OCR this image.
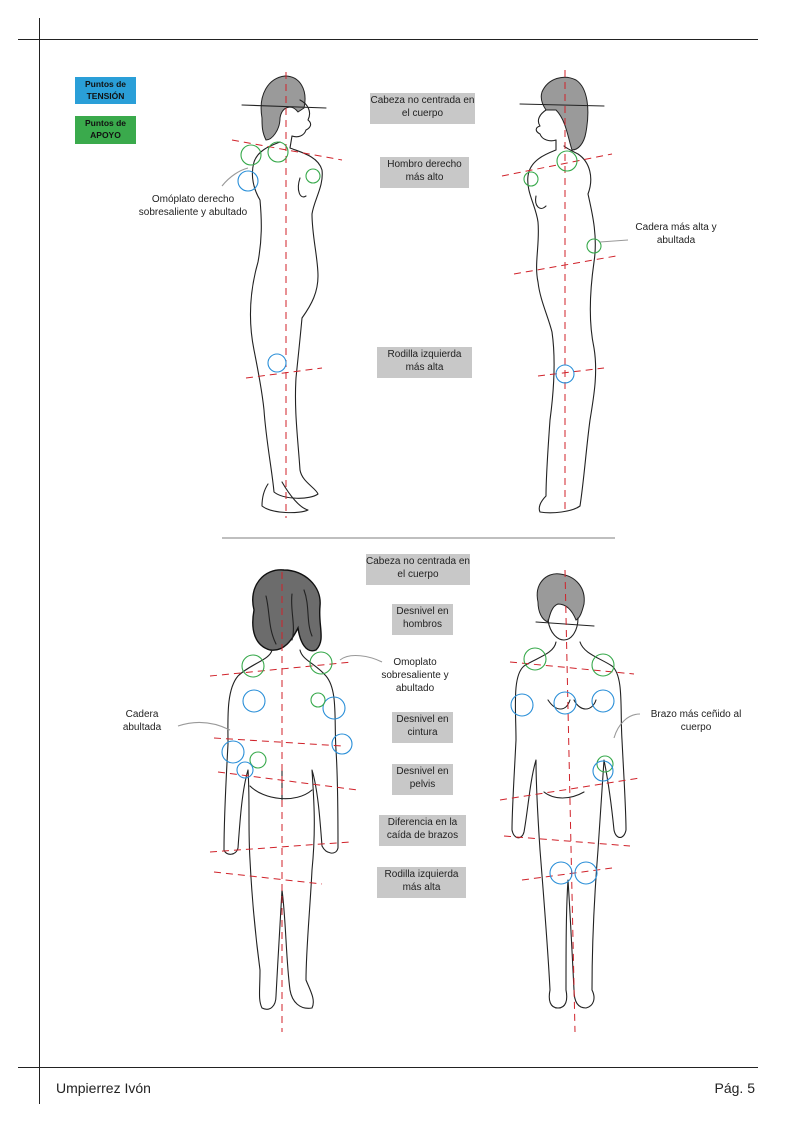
Puntos de TENSIÓN
Puntos de APOYO
Cabeza no centrada en el cuerpo
Hombro derecho más alto
Rodilla izquierda más alta
Omóplato derecho sobresaliente y abultado
Cadera más alta y abultada
Cabeza no centrada en el cuerpo
Desnivel en hombros
Desnivel en cintura
Desnivel en pelvis
Diferencia en la caída de brazos
Rodilla izquierda más alta
Omoplato sobresaliente y abultado
Cadera abultada
Brazo más ceñido al cuerpo
Umpierrez Ivón	Pág. 5
